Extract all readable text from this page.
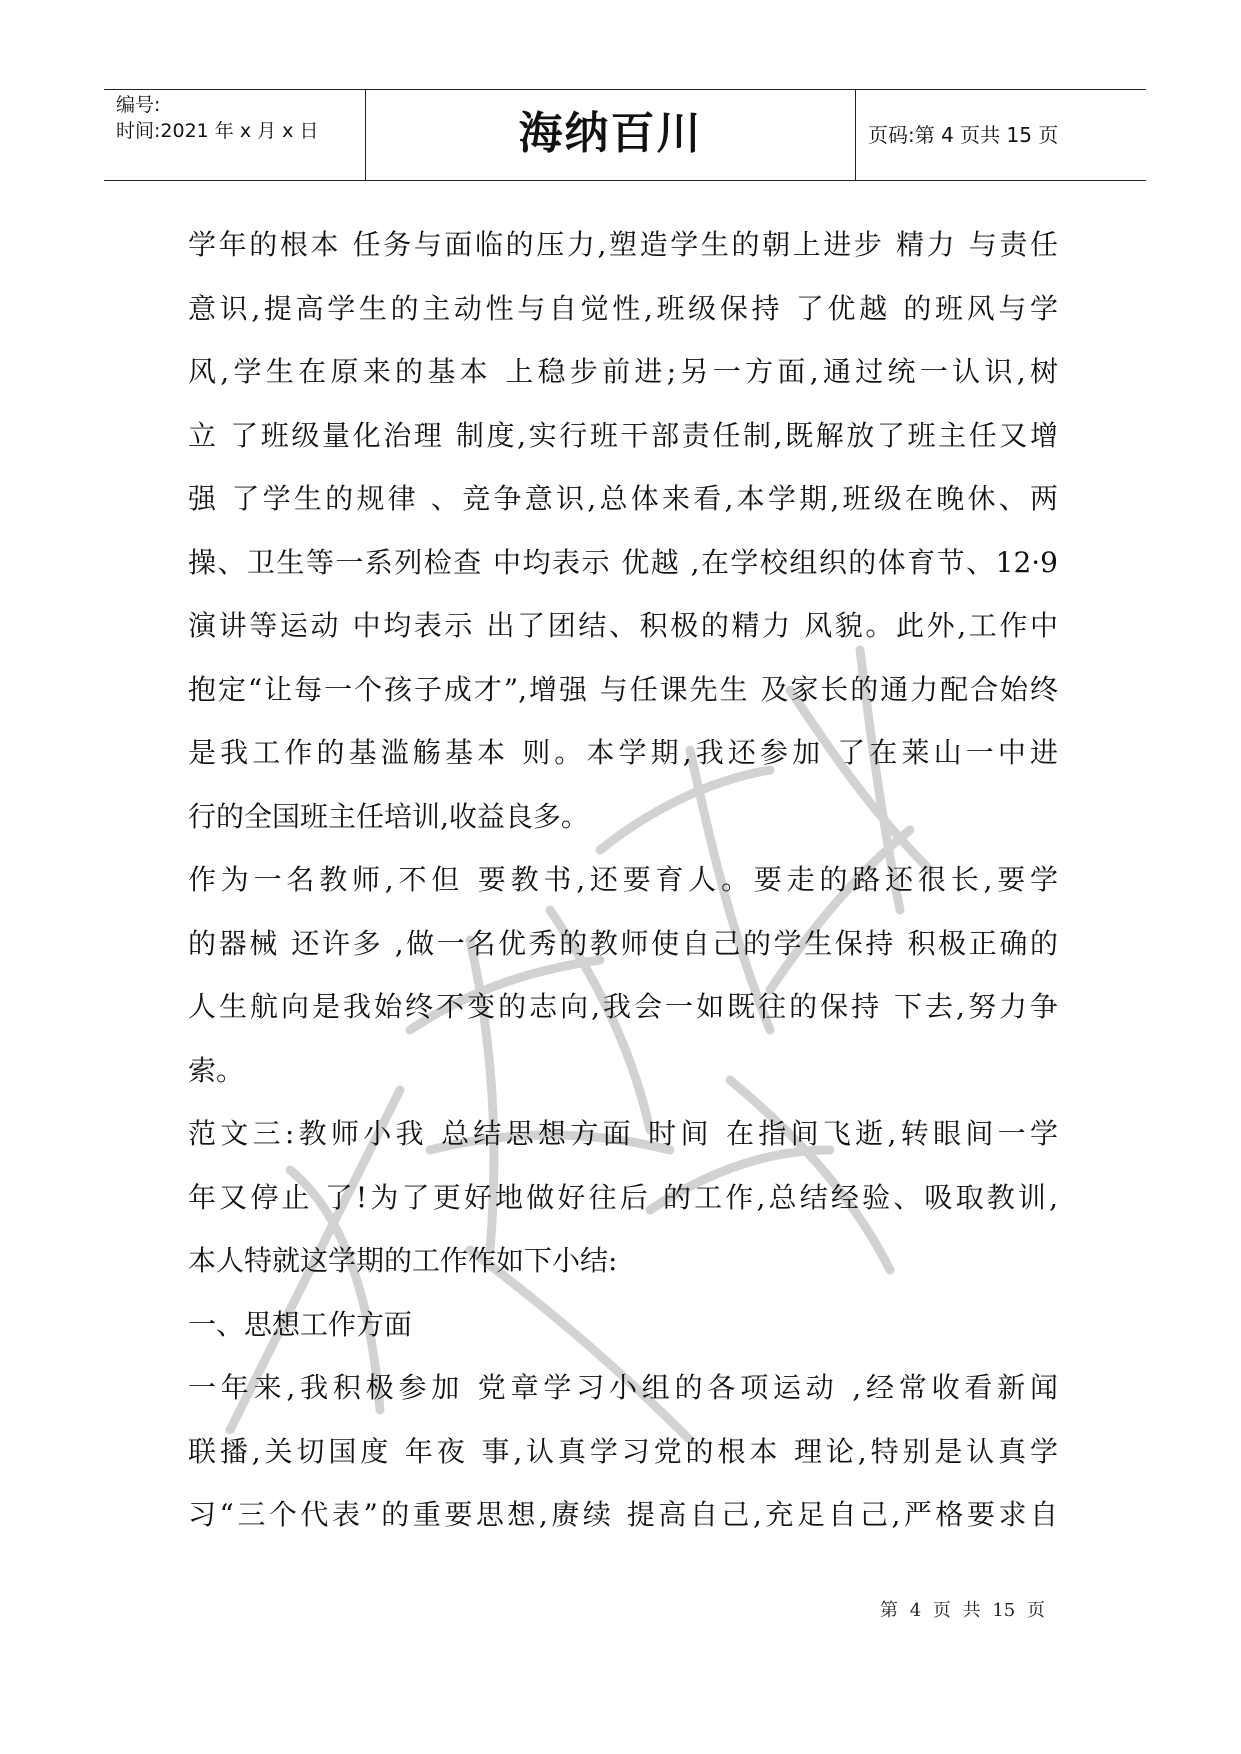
编号:
时间:2021 年 x 月 x 日	海纳百川	页码:第 4 页共 15 页
学年的根本 任务与面临的压力,塑造学生的朝上进步 精力 与责任
意识,提高学生的主动性与自觉性,班级保持 了优越 的班风与学
风,学生在原来的基本 上稳步前进;另一方面,通过统一认识,树
立 了班级量化治理 制度,实行班干部责任制,既解放了班主任又增
强 了学生的规律 、竞争意识,总体来看,本学期,班级在晚休、两
操、卫生等一系列检查 中均表示 优越 ,在学校组织的体育节、12·9
演讲等运动 中均表示 出了团结、积极的精力 风貌。此外,工作中
抱定“让每一个孩子成才”,增强 与任课先生 及家长的通力配合始终
是我工作的基滥觞基本 则。本学期,我还参加 了在莱山一中进
行的全国班主任培训,收益良多。
作为一名教师,不但 要教书,还要育人。要走的路还很长,要学
的器械 还许多 ,做一名优秀的教师使自己的学生保持 积极正确的
人生航向是我始终不变的志向,我会一如既往的保持 下去,努力争
索。
范文三:教师小我 总结思想方面 时间 在指间飞逝,转眼间一学
年又停止 了!为了更好地做好往后 的工作,总结经验、吸取教训,
本人特就这学期的工作作如下小结:
一、思想工作方面
一年来,我积极参加 党章学习小组的各项运动 ,经常收看新闻
联播,关切国度 年夜 事,认真学习党的根本 理论,特别是认真学
习“三个代表”的重要思想,赓续 提高自己,充足自己,严格要求自
第 4 页 共 15 页
